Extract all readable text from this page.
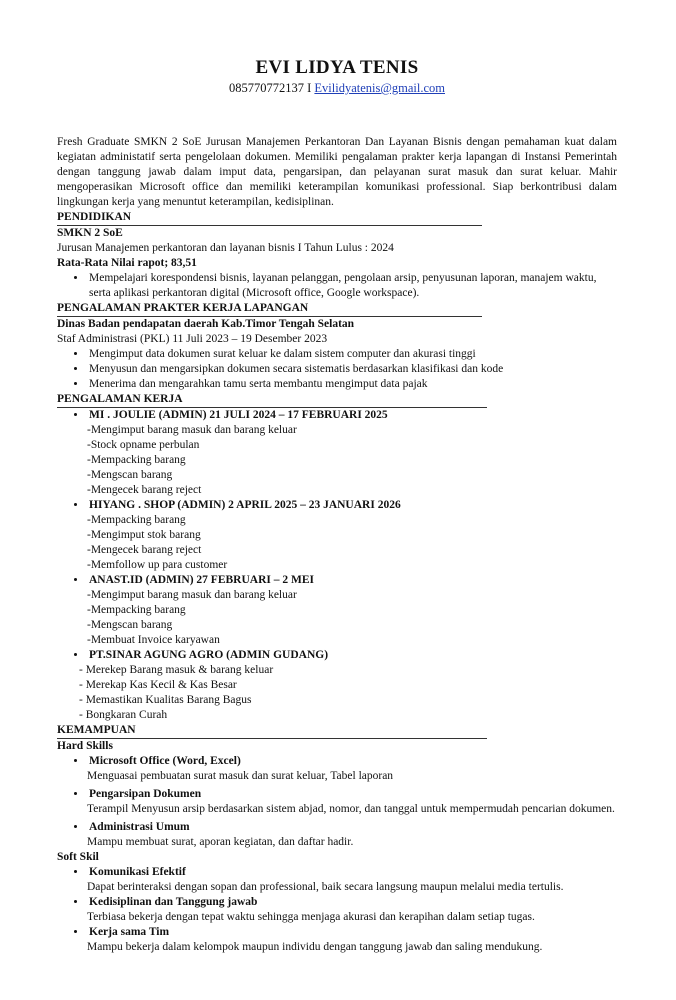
EVI LIDYA TENIS
085770772137 I Evilidyatenis@gmail.com

Fresh Graduate SMKN 2 SoE Jurusan Manajemen Perkantoran Dan Layanan Bisnis dengan pemahaman kuat dalam kegiatan administatif serta pengelolaan dokumen. Memiliki pengalaman prakter kerja lapangan di Instansi Pemerintah dengan tanggung jawab dalam imput data, pengarsipan, dan pelayanan surat masuk dan surat keluar. Mahir mengoperasikan Microsoft office dan memiliki keterampilan komunikasi professional. Siap berkontribusi dalam lingkungan kerja yang menuntut keterampilan, kedisiplinan.

PENDIDIKAN
SMKN 2 SoE
Jurusan Manajemen perkantoran dan layanan bisnis I Tahun Lulus : 2024
Rata-Rata Nilai rapot; 83,51
• Mempelajari korespondensi bisnis, layanan pelanggan, pengolaan arsip, penyusunan laporan, manajem waktu, serta aplikasi perkantoran digital (Microsoft office, Google workspace).
PENGALAMAN PRAKTER KERJA LAPANGAN
Dinas Badan pendapatan daerah Kab.Timor Tengah Selatan
Staf Administrasi (PKL) 11 Juli 2023 – 19 Desember 2023
• Mengimput data dokumen surat keluar ke dalam sistem computer dan akurasi tinggi
• Menyusun dan mengarsipkan dokumen secara sistematis berdasarkan klasifikasi dan kode
• Menerima dan mengarahkan tamu serta membantu mengimput data pajak
PENGALAMAN KERJA
• MI . JOULIE (ADMIN) 21 JULI 2024 – 17 FEBRUARI 2025
-Mengimput barang masuk dan barang keluar
-Stock opname perbulan
-Mempacking barang
-Mengscan barang
-Mengecek barang reject
• HIYANG . SHOP (ADMIN) 2 APRIL 2025 – 23 JANUARI 2026
-Mempacking barang
-Mengimput stok barang
-Mengecek barang reject
-Memfollow up para customer
• ANAST.ID (ADMIN) 27 FEBRUARI – 2 MEI
-Mengimput barang masuk dan barang keluar
-Mempacking barang
-Mengscan barang
-Membuat Invoice karyawan
• PT.SINAR AGUNG AGRO (ADMIN GUDANG)
- Merekep Barang masuk & barang keluar
- Merekap Kas Kecil & Kas Besar
- Memastikan Kualitas Barang Bagus
- Bongkaran Curah
KEMAMPUAN
Hard Skills
• Microsoft Office (Word, Excel)
Menguasai pembuatan surat masuk dan surat keluar, Tabel laporan
• Pengarsipan Dokumen
Terampil Menyusun arsip berdasarkan sistem abjad, nomor, dan tanggal untuk mempermudah pencarian dokumen.
• Administrasi Umum
Mampu membuat surat, aporan kegiatan, dan daftar hadir.
Soft Skil
• Komunikasi Efektif
Dapat berinteraksi dengan sopan dan professional, baik secara langsung maupun melalui media tertulis.
• Kedisiplinan dan Tanggung jawab
Terbiasa bekerja dengan tepat waktu sehingga menjaga akurasi dan kerapihan dalam setiap tugas.
• Kerja sama Tim
Mampu bekerja dalam kelompok maupun individu dengan tanggung jawab dan saling mendukung.
